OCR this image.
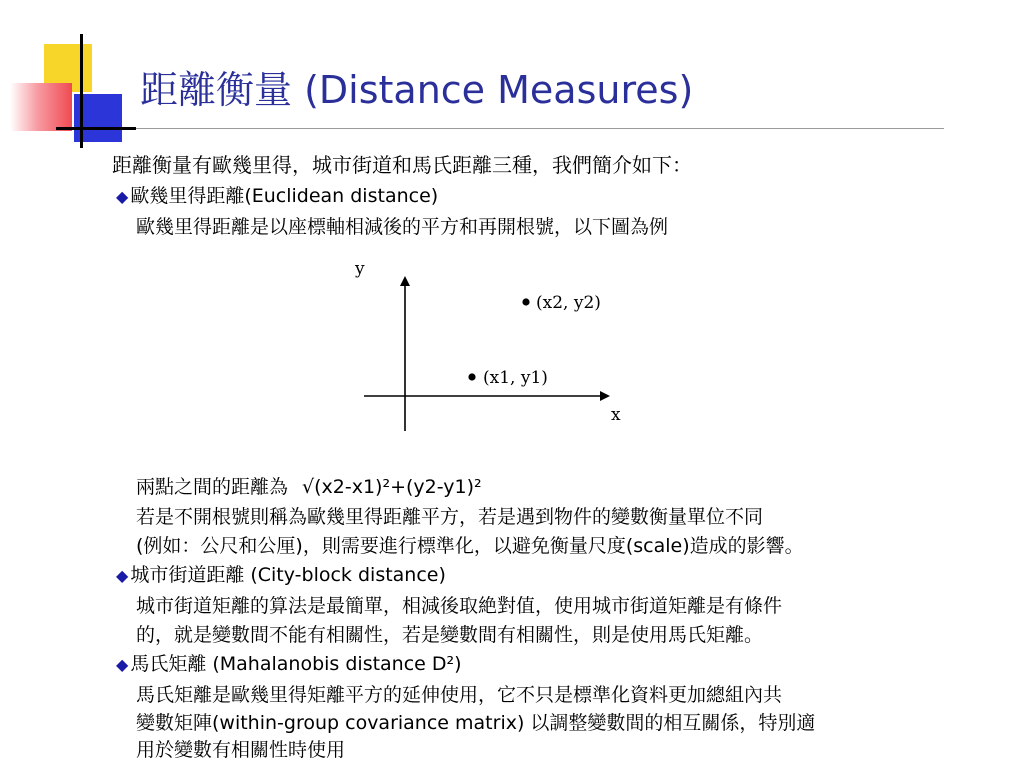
距離衡量 (Distance Measures)
距離衡量有歐幾里得，城市街道和馬氏距離三種，我們簡介如下：
◆ 歐幾里得距離(Euclidean distance)
歐幾里得距離是以座標軸相減後的平方和再開根號，以下圖為例
y
x
(x2, y2)
(x1, y1)
兩點之間的距離為 √(x2-x1)²+(y2-y1)²
若是不開根號則稱為歐幾里得距離平方，若是遇到物件的變數衡量單位不同
(例如：公尺和公厘)，則需要進行標準化，以避免衡量尺度(scale)造成的影響。
◆ 城市街道距離 (City-block distance)
城市街道矩離的算法是最簡單，相減後取絶對值，使用城市街道矩離是有條件
的，就是變數間不能有相關性，若是變數間有相關性，則是使用馬氏矩離。
◆ 馬氏矩離 (Mahalanobis distance D²)
馬氏矩離是歐幾里得矩離平方的延伸使用，它不只是標準化資料更加總組內共
變數矩陣(within-group covariance matrix) 以調整變數間的相互關係，特別適
用於變數有相關性時使用
